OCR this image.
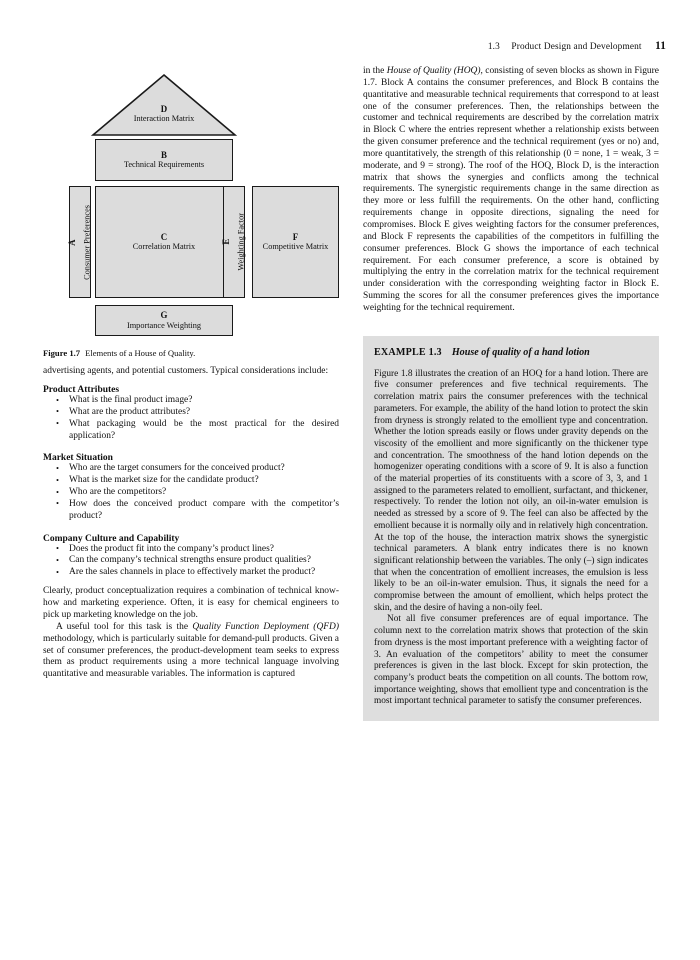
1.3 Product Design and Development 11
D
Interaction Matrix
B
Technical Requirements
A Consumer Preferences	C
Correlation Matrix
E Weighting Factor	F
Competitive Matrix
G
Importance Weighting
Figure 1.7 Elements of a House of Quality.

advertising agents, and potential customers. Typical considerations include:

Product Attributes
• What is the final product image?
• What are the product attributes?
• What packaging would be the most practical for the desired application?
Market Situation
• Who are the target consumers for the conceived product?
• What is the market size for the candidate product?
• Who are the competitors?
• How does the conceived product compare with the competitor’s product?
Company Culture and Capability
• Does the product fit into the company’s product lines?
• Can the company’s technical strengths ensure product qualities?
• Are the sales channels in place to effectively market the product?

Clearly, product conceptualization requires a combination of technical know-how and marketing experience. Often, it is easy for chemical engineers to pick up marketing knowledge on the job.

A useful tool for this task is the Quality Function Deployment (QFD) methodology, which is particularly suitable for demand-pull products. Given a set of consumer preferences, the product-development team seeks to express them as product requirements using a more technical language involving quantitative and measurable variables. The information is captured

in the House of Quality (HOQ), consisting of seven blocks as shown in Figure 1.7. Block A contains the consumer preferences, and Block B contains the quantitative and measurable technical requirements that correspond to at least one of the consumer preferences. Then, the relationships between the customer and technical requirements are described by the correlation matrix in Block C where the entries represent whether a relationship exists between the given consumer preference and the technical requirement (yes or no) and, more quantitatively, the strength of this relationship (0 = none, 1 = weak, 3 = moderate, and 9 = strong). The roof of the HOQ, Block D, is the interaction matrix that shows the synergies and conflicts among the technical requirements. The synergistic requirements change in the same direction as they more or less fulfill the requirements. On the other hand, conflicting requirements change in opposite directions, signaling the need for compromises. Block E gives weighting factors for the consumer preferences, and Block F represents the capabilities of the competitors in fulfilling the consumer preferences. Block G shows the importance of each technical requirement. For each consumer preference, a score is obtained by multiplying the entry in the correlation matrix for the technical requirement under consideration with the corresponding weighting factor in Block E. Summing the scores for all the consumer preferences gives the importance weighting for the technical requirement.

EXAMPLE 1.3 House of quality of a hand lotion

Figure 1.8 illustrates the creation of an HOQ for a hand lotion. There are five consumer preferences and five technical requirements. The correlation matrix pairs the consumer preferences with the technical parameters. For example, the ability of the hand lotion to protect the skin from dryness is strongly related to the emollient type and concentration. Whether the lotion spreads easily or flows under gravity depends on the viscosity of the emollient and more significantly on the thickener type and concentration. The smoothness of the hand lotion depends on the homogenizer operating conditions with a score of 9. It is also a function of the material properties of its constituents with a score of 3, 3, and 1 assigned to the parameters related to emollient, surfactant, and thickener, respectively. To render the lotion not oily, an oil-in-water emulsion is needed as stressed by a score of 9. The feel can also be affected by the emollient because it is normally oily and in relatively high concentration. At the top of the house, the interaction matrix shows the synergistic technical parameters. A blank entry indicates there is no known significant relationship between the variables. The only (–) sign indicates that when the concentration of emollient increases, the emulsion is less likely to be an oil-in-water emulsion. Thus, it signals the need for a compromise between the amount of emollient, which helps protect the skin, and the desire of having a non-oily feel.

Not all five consumer preferences are of equal importance. The column next to the correlation matrix shows that protection of the skin from dryness is the most important preference with a weighting factor of 3. An evaluation of the competitors’ ability to meet the consumer preferences is given in the last block. Except for skin protection, the company’s product beats the competition on all counts. The bottom row, importance weighting, shows that emollient type and concentration is the most important technical parameter to satisfy the consumer preferences.
